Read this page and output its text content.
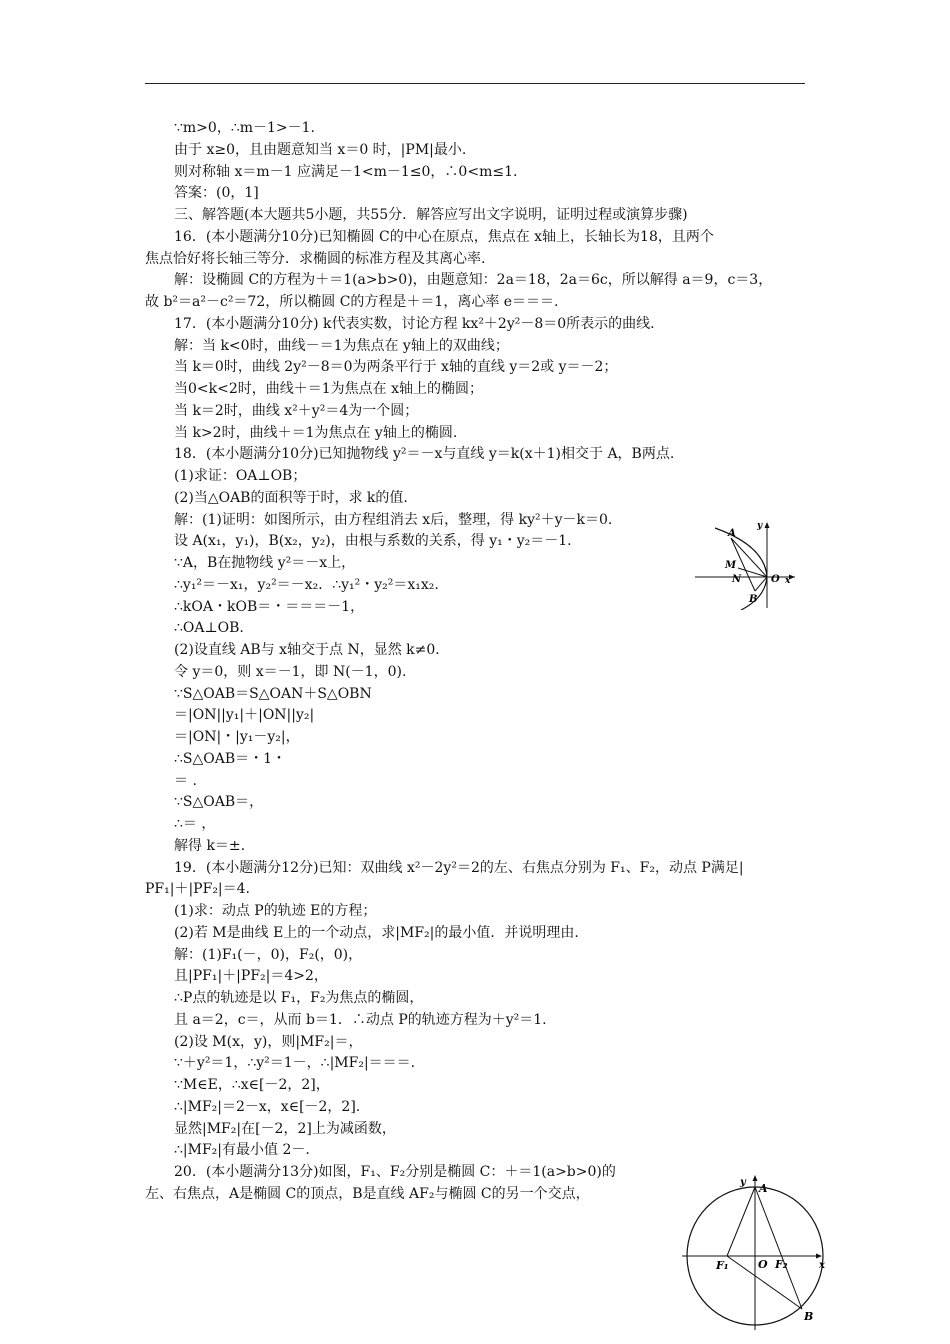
∵m>0，∴m－1>－1.
由于 x≥0，且由题意知当 x＝0 时，|PM|最小.
则对称轴 x＝m－1 应满足－1<m－1≤0，∴0<m≤1.
答案：(0，1]
三、解答题(本大题共5小题，共55分．解答应写出文字说明，证明过程或演算步骤)
16．(本小题满分10分)已知椭圆 C的中心在原点，焦点在 x轴上，长轴长为18，且两个
焦点恰好将长轴三等分．求椭圆的标准方程及其离心率.
解：设椭圆 C的方程为＋＝1(a>b>0)，由题意知：2a＝18，2a＝6c，所以解得 a＝9，c＝3，
故 b²＝a²－c²＝72，所以椭圆 C的方程是＋＝1，离心率 e＝＝＝.
17．(本小题满分10分) k代表实数，讨论方程 kx²＋2y²－8＝0所表示的曲线.
解：当 k<0时，曲线－＝1为焦点在 y轴上的双曲线；
当 k＝0时，曲线 2y²－8＝0为两条平行于 x轴的直线 y＝2或 y＝－2；
当0<k<2时，曲线＋＝1为焦点在 x轴上的椭圆；
当 k＝2时，曲线 x²＋y²＝4为一个圆；
当 k>2时，曲线＋＝1为焦点在 y轴上的椭圆.
18．(本小题满分10分)已知抛物线 y²＝－x与直线 y＝k(x＋1)相交于 A，B两点.
(1)求证：OA⊥OB；
(2)当△OAB的面积等于时，求 k的值.
解：(1)证明：如图所示，由方程组消去 x后，整理，得 ky²＋y－k＝0.
设 A(x₁，y₁)，B(x₂，y₂)，由根与系数的关系，得 y₁・y₂＝－1.
∵A，B在抛物线 y²＝－x上，
∴y₁²＝－x₁，y₂²＝－x₂．∴y₁²・y₂²＝x₁x₂.
∴kOA・kOB＝・＝＝＝－1，
∴OA⊥OB.
(2)设直线 AB与 x轴交于点 N，显然 k≠0.
令 y＝0，则 x＝－1，即 N(－1，0).
∵S△OAB＝S△OAN＋S△OBN
＝|ON||y₁|＋|ON||y₂|
＝|ON|・|y₁－y₂|，
∴S△OAB＝・1・
＝ .
∵S△OAB＝，
∴＝ ，
解得 k＝±.
19．(本小题满分12分)已知：双曲线 x²－2y²＝2的左、右焦点分别为 F₁、F₂，动点 P满足|
PF₁|＋|PF₂|＝4.
(1)求：动点 P的轨迹 E的方程；
(2)若 M是曲线 E上的一个动点，求|MF₂|的最小值．并说明理由.
解：(1)F₁(－，0)，F₂(，0)，
且|PF₁|＋|PF₂|＝4>2，
∴P点的轨迹是以 F₁，F₂为焦点的椭圆，
且 a＝2，c＝，从而 b＝1．∴动点 P的轨迹方程为＋y²＝1.
(2)设 M(x，y)，则|MF₂|＝，
∵＋y²＝1，∴y²＝1－，∴|MF₂|＝＝＝.
∵M∈E，∴x∈[－2，2]，
∴|MF₂|＝2－x，x∈[－2，2].
显然|MF₂|在[－2，2]上为减函数，
∴|MF₂|有最小值 2－.
20．(本小题满分13分)如图，F₁、F₂分别是椭圆 C：＋＝1(a>b>0)的
左、右焦点，A是椭圆 C的顶点，B是直线 AF₂与椭圆 C的另一个交点，
A
M
N
B
O x
y
y A
F₁	O F₂	x
B
